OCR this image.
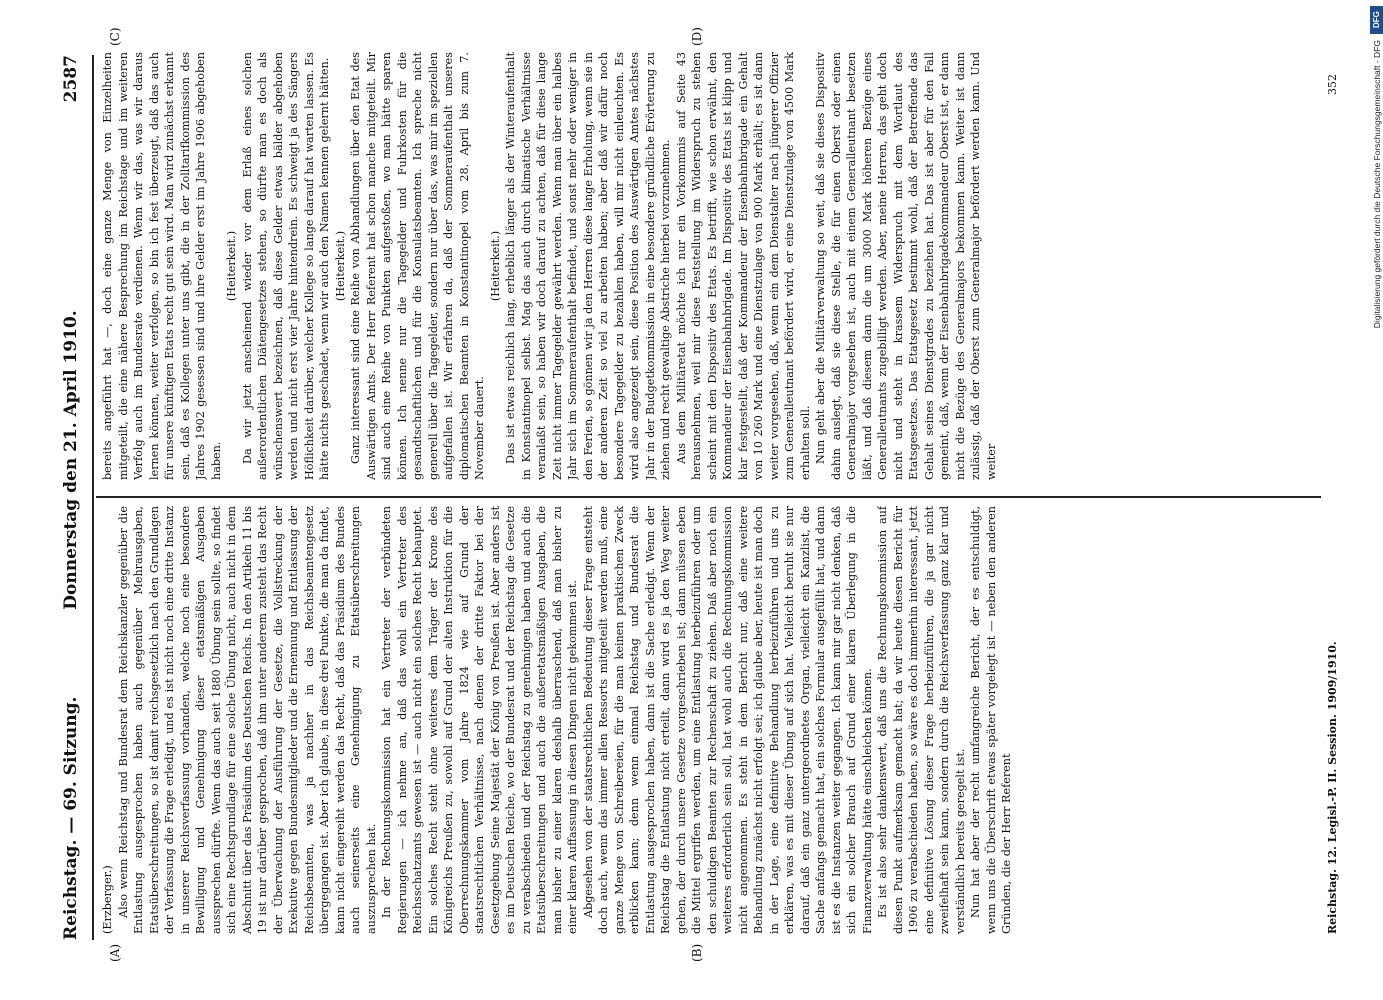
Reichstag. — 69. Sitzung.
Donnerstag den 21. April 1910.
2587
(A)	(B)
(C)	(D)

(Erzberger.) Also wenn Reichstag und Bundesrat dem Reichskanzler gegenüber die Entlastung ausgesprochen haben auch gegenüber Mehrausgaben, Etatsüberschreitungen, so ist damit reichsgesetzlich nach den Grundlagen der Verfassung die Frage erledigt, und es ist nicht noch eine dritte Instanz in unserer Reichsverfassung vorhanden, welche noch eine besondere Bewilligung und Genehmigung dieser etatsmäßigen Ausgaben aussprechen dürfte. Wenn das auch seit 1880 Übung sein sollte, so findet sich eine Rechtsgrundlage für eine solche Übung nicht, auch nicht in dem Abschnitt über das Präsidium des Deutschen Reichs. In den Artikeln 11 bis 19 ist nur darüber gesprochen, daß ihm unter anderem zusteht das Recht der Überwachung der Ausführung der Gesetze, die Vollstreckung der Exekutive gegen Bundesmitglieder und die Ernennung und Entlassung der Reichsbeamten, was ja nachher in das Reichsbeamtengesetz übergegangen ist. Aber ich glaube, in diese drei Punkte, die man da findet, kann nicht eingereiht werden das Recht, daß das Präsidium des Bundes auch seinerseits eine Genehmigung zu Etatsüberschreitungen auszusprechen hat. In der Rechnungskommission hat ein Vertreter der verbündeten Regierungen — ich nehme an, daß das wohl ein Vertreter des Reichsschatzamts gewesen ist — auch nicht ein solches Recht behauptet. Ein solches Recht steht ohne weiteres dem Träger der Krone des Königreichs Preußen zu, sowohl auf Grund der alten Instruktion für die Oberrechnungskammer vom Jahre 1824 wie auf Grund der staatsrechtlichen Verhältnisse, nach denen der dritte Faktor bei der Gesetzgebung Seine Majestät der König von Preußen ist. Aber anders ist es im Deutschen Reiche, wo der Bundesrat und der Reichstag die Gesetze zu verabschieden und der Reichstag zu genehmigen haben und auch die Etatsüberschreitungen und auch die außeretatsmäßigen Ausgaben, die man bisher zu einer klaren deshalb überraschend, daß man bisher zu einer klaren Auffassung in diesen Dingen nicht gekommen ist. Abgesehen von der staatsrechtlichen Bedeutung dieser Frage entsteht doch auch, wenn das immer allen Ressorts mitgeteilt werden muß, eine ganze Menge von Schreibereien, für die man keinen praktischen Zweck erblicken kann; denn wenn einmal Reichstag und Bundesrat die Entlastung ausgesprochen haben, dann ist die Sache erledigt. Wenn der Reichstag die Entlastung nicht erteilt, dann wird es ja den Weg weiter gehen, der durch unsere Gesetze vorgeschrieben ist; dann müssen eben die Mittel ergriffen werden, um eine Entlastung herbeizuführen oder um den schuldigen Beamten zur Rechenschaft zu ziehen. Daß aber noch ein weiteres erforderlich sein soll, hat wohl auch die Rechnungskommission nicht angenommen. Es steht in dem Bericht nur, daß eine weitere Behandlung zunächst nicht erfolgt sei; ich glaube aber, heute ist man doch in der Lage, eine definitive Behandlung herbeizuführen und uns zu erklären, was es mit dieser Übung auf sich hat. Vielleicht beruht sie nur darauf, daß ein ganz untergeordnetes Organ, vielleicht ein Kanzlist, die Sache anfangs gemacht hat, ein solches Formular ausgefüllt hat, und dann ist es die Instanzen weiter gegangen. Ich kann mir gar nicht denken, daß sich ein solcher Brauch auf Grund einer klaren Überlegung in die Finanzverwaltung hätte einschleichen können. Es ist also sehr dankenswert, daß uns die Rechnungskommission auf diesen Punkt aufmerksam gemacht hat; da wir heute diesen Bericht für 1906 zu verabschieden haben, so wäre es doch immerhin interessant, jetzt eine definitive Lösung dieser Frage herbeizuführen, die ja gar nicht zweifelhaft sein kann, sondern durch die Reichsverfassung ganz klar und verständlich bereits geregelt ist. Nun hat aber der recht umfangreiche Bericht, der es entschuldigt, wenn uns die Überschrift etwas später vorgelegt ist — neben den anderen Gründen, die der Herr Referent

bereits angeführt hat —, doch eine ganze Menge von Einzelheiten mitgeteilt, die eine nähere Besprechung im Reichstage und im weiteren Verfolg auch im Bundesrate verdienen. Wenn wir das, was wir daraus lernen können, weiter verfolgen, so bin ich fest überzeugt, daß das auch für unsere künftigen Etats recht gut sein wird. Man wird zunächst erkannt sein, daß es Kollegen unter uns gibt, die in der Zolltarifkommission des Jahres 1902 gesessen sind und ihre Gelder erst im Jahre 1906 abgehoben haben.

(Heiterkeit.) Da wir jetzt anscheinend wieder vor dem Erlaß eines solchen außerordentlichen Diätengesetzes stehen, so dürfte man es doch als wünschenswert bezeichnen, daß diese Gelder etwas bälder abgehoben werden und nicht erst vier Jahre hintendrein. Es schweigt ja des Sängers Höflichkeit darüber, welcher Kollege so lange darauf hat warten lassen. Es hätte nichts geschadet, wenn wir auch den Namen kennen gelernt hätten. (Heiterkeit.) Ganz interessant sind eine Reihe von Abhandlungen über den Etat des Auswärtigen Amts. Der Herr Referent hat schon manche mitgeteilt. Mir sind auch eine Reihe von Punkten aufgestoßen, wo man hätte sparen können. Ich nenne nur die Tagegelder und Fuhrkosten für die gesandtschaftlichen und für die Konsulatsbeamten. Ich spreche nicht generell über die Tagegelder, sondern nur über das, was mir im speziellen aufgefallen ist. Wir erfahren da, daß der Sommeraufenthalt unseres diplomatischen Beamten in Konstantinopel vom 28. April bis zum 7. November dauert.

(Heiterkeit.) Das ist etwas reichlich lang, erheblich länger als der Winteraufenthalt in Konstantinopel selbst. Mag das auch durch klimatische Verhältnisse veranlaßt sein, so haben wir doch darauf zu achten, daß für diese lange Zeit nicht immer Tagegelder gewährt werden. Wenn man über ein halbes Jahr sich im Sommeraufenthalt befindet, und sonst mehr oder weniger in den Ferien, so gönnen wir ja den Herren diese lange Erholung, wenn sie in der anderen Zeit so viel zu arbeiten haben; aber daß wir dafür noch besondere Tagegelder zu bezahlen haben, will mir nicht einleuchten. Es wird also angezeigt sein, diese Position des Auswärtigen Amtes nächstes Jahr in der Budgetkommission in eine besondere gründliche Erörterung zu ziehen und recht gewaltige Abstriche hierbei vorzunehmen. Aus dem Militäretat möchte ich nur ein Vorkommnis auf Seite 43 herausnehmen, weil mir diese Feststellung im Widerspruch zu stehen scheint mit den Dispositiv des Etats. Es betrifft, wie schon erwähnt, den Kommandeur der Eisenbahnbrigade. Im Dispositiv des Etats ist klipp und klar festgestellt, daß der Kommandeur der Eisenbahnbrigade ein Gehalt von 10 260 Mark und eine Dienstzulage von 900 Mark erhält; es ist dann weiter vorgesehen, daß, wenn ein dem Dienstalter nach jüngerer Offizier zum Generalleutnant befördert wird, er eine Dienstzulage von 4500 Mark erhalten soll. Nun geht aber die Militärverwaltung so weit, daß sie dieses Dispositiv dahin auslegt, daß sie diese Stelle, die für einen Oberst oder einen Generalmajor vorgesehen ist, auch mit einem Generalleutnant besetzen läßt, und daß diesem dann die um 3000 Mark höheren Bezüge eines Generalleutnants zugebilligt werden. Aber, meine Herren, das geht doch nicht und steht in krassem Widerspruch mit dem Wortlaut des Etatsgesetzes. Das Etatsgesetz bestimmt wohl, daß der Betreffende das Gehalt seines Dienstgrades zu beziehen hat. Das ist aber für den Fall gemeint, daß, wenn der Eisenbahnbrigadekommandeur Oberst ist, er dann nicht die Bezüge des Generalmajors bekommen kann. Weiter ist dann zulässig, daß der Oberst zum Generalmajor befördert werden kann. Und weiter

Reichstag. 12. Legisl.-P. II. Session. 1909/1910.
352
DFG
Digitalisierung gefördert durch die Deutsche Forschungsgemeinschaft - DFG
